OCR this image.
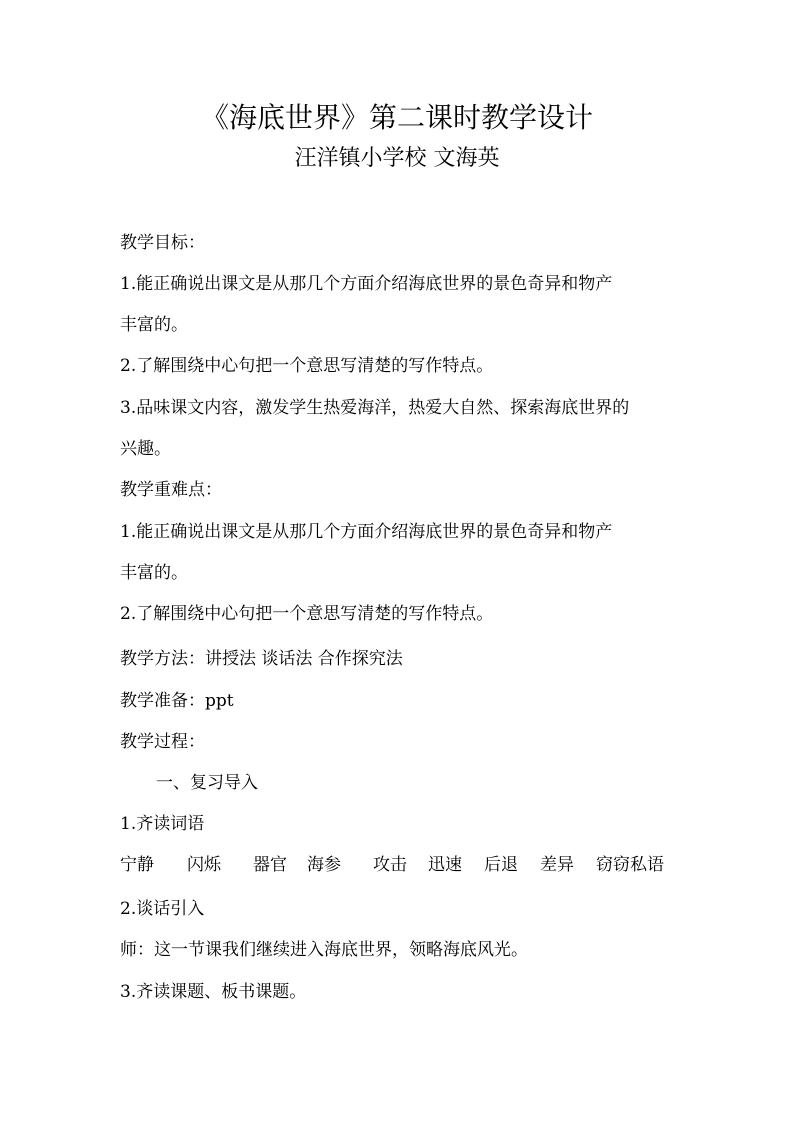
《海底世界》第二课时教学设计
汪洋镇小学校 文海英
教学目标：
1.能正确说出课文是从那几个方面介绍海底世界的景色奇异和物产
丰富的。
2.了解围绕中心句把一个意思写清楚的写作特点。
3.品味课文内容，激发学生热爱海洋，热爱大自然、探索海底世界的
兴趣。
教学重难点：
1.能正确说出课文是从那几个方面介绍海底世界的景色奇异和物产
丰富的。
2.了解围绕中心句把一个意思写清楚的写作特点。
教学方法：讲授法 谈话法 合作探究法
教学准备：ppt
教学过程：
一、复习导入
1.齐读词语
宁静 闪烁 器官 海参 攻击 迅速 后退 差异 窃窃私语
2.谈话引入
师：这一节课我们继续进入海底世界，领略海底风光。
3.齐读课题、板书课题。
